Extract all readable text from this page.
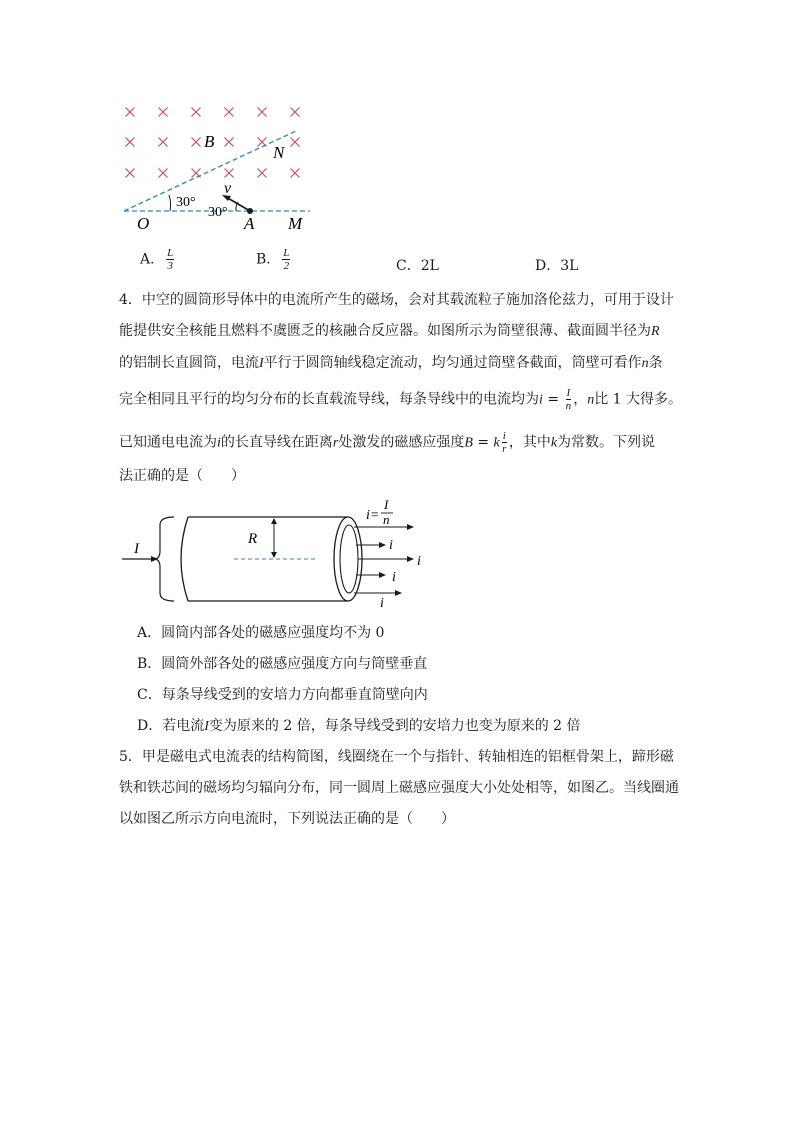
B
N
v
O	A M
30°
30°
A． $\frac{L}{3}$	B． $\frac{L}{2}$	C．2L	D．3L
4．中空的圆筒形导体中的电流所产生的磁场，会对其载流粒子施加洛伦兹力，可用于设计
能提供安全核能且燃料不虞匮乏的核融合反应器。如图所示为筒壁很薄、截面圆半径为R
的铝制长直圆筒，电流I平行于圆筒轴线稳定流动，均匀通过筒壁各截面，筒壁可看作n条
完全相同且平行的均匀分布的长直载流导线，每条导线中的电流均为$i = \frac{I}{n}$ ，n比 1 大得多。
已知通电电流为i的长直导线在距离r处激发的磁感应强度B = k $\frac{i}{r}$ ，其中k为常数。下列说
法正确的是（　　）
I
R
i=
I
n
i
i
i
i
A．圆筒内部各处的磁感应强度均不为 0
B．圆筒外部各处的磁感应强度方向与筒壁垂直
C．每条导线受到的安培力方向都垂直筒壁向内
D．若电流I变为原来的 2 倍，每条导线受到的安培力也变为原来的 2 倍
5．甲是磁电式电流表的结构简图，线圈绕在一个与指针、转轴相连的铝框骨架上，蹄形磁
铁和铁芯间的磁场均匀辐向分布，同一圆周上磁感应强度大小处处相等，如图乙。当线圈通
以如图乙所示方向电流时，下列说法正确的是（　　）
